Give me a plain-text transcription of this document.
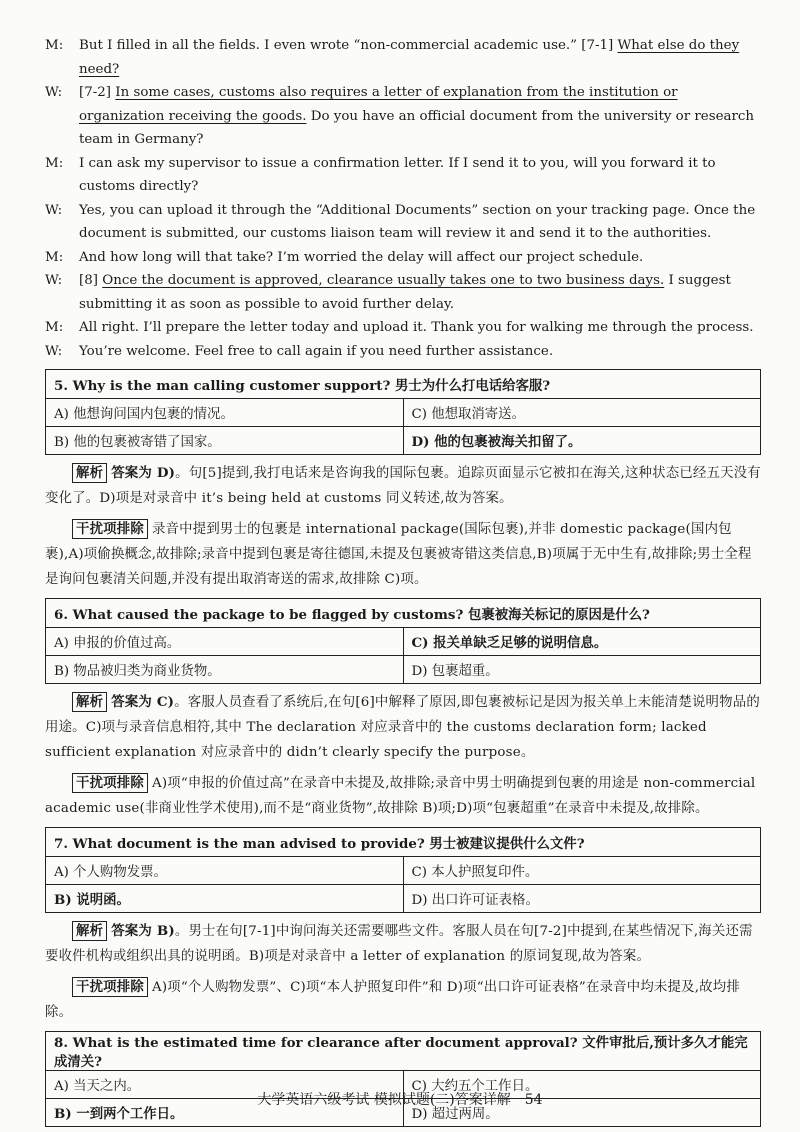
M: But I filled in all the fields. I even wrote “non-commercial academic use.” [7-1] What else do they need?
W: [7-2] In some cases, customs also requires a letter of explanation from the institution or organization receiving the goods. Do you have an official document from the university or research team in Germany?
M: I can ask my supervisor to issue a confirmation letter. If I send it to you, will you forward it to customs directly?
W: Yes, you can upload it through the “Additional Documents” section on your tracking page. Once the document is submitted, our customs liaison team will review it and send it to the authorities.
M: And how long will that take? I’m worried the delay will affect our project schedule.
W: [8] Once the document is approved, clearance usually takes one to two business days. I suggest submitting it as soon as possible to avoid further delay.
M: All right. I’ll prepare the letter today and upload it. Thank you for walking me through the process.
W: You’re welcome. Feel free to call again if you need further assistance.
5. Why is the man calling customer support? 男士为什么打电话给客服?	
A) 他想询问国内包裹的情况。	C) 他想取消寄送。
B) 他的包裹被寄错了国家。	D) 他的包裹被海关扣留了。
解析 答案为 D)。句[5]提到,我打电话来是咨询我的国际包裹。追踪页面显示它被扣在海关,这种状态已经五天没有变化了。D)项是对录音中 it’s being held at customs 同义转述,故为答案。
干扰项排除 录音中提到男士的包裹是 international package(国际包裹),并非 domestic package(国内包裹),A)项偷换概念,故排除;录音中提到包裹是寄往德国,未提及包裹被寄错这类信息,B)项属于无中生有,故排除;男士全程是询问包裹清关问题,并没有提出取消寄送的需求,故排除 C)项。
6. What caused the package to be flagged by customs? 包裹被海关标记的原因是什么?	
A) 申报的价值过高。	C) 报关单缺乏足够的说明信息。
B) 物品被归类为商业货物。	D) 包裹超重。
解析 答案为 C)。客服人员查看了系统后,在句[6]中解释了原因,即包裹被标记是因为报关单上未能清楚说明物品的用途。C)项与录音信息相符,其中 The declaration 对应录音中的 the customs declaration form; lacked sufficient explanation 对应录音中的 didn’t clearly specify the purpose。
干扰项排除 A)项“申报的价值过高”在录音中未提及,故排除;录音中男士明确提到包裹的用途是 non-commercial academic use(非商业性学术使用),而不是“商业货物”,故排除 B)项;D)项“包裹超重”在录音中未提及,故排除。
7. What document is the man advised to provide? 男士被建议提供什么文件?	
A) 个人购物发票。	C) 本人护照复印件。
B) 说明函。	D) 出口许可证表格。
解析 答案为 B)。男士在句[7-1]中询问海关还需要哪些文件。客服人员在句[7-2]中提到,在某些情况下,海关还需要收件机构或组织出具的说明函。B)项是对录音中 a letter of explanation 的原词复现,故为答案。
干扰项排除 A)项“个人购物发票”、C)项“本人护照复印件”和 D)项“出口许可证表格”在录音中均未提及,故均排除。
8. What is the estimated time for clearance after document approval? 文件审批后,预计多久才能完成清关?	
A) 当天之内。	C) 大约五个工作日。
B) 一到两个工作日。	D) 超过两周。
大学英语六级考试 模拟试题(二)答案详解 54
